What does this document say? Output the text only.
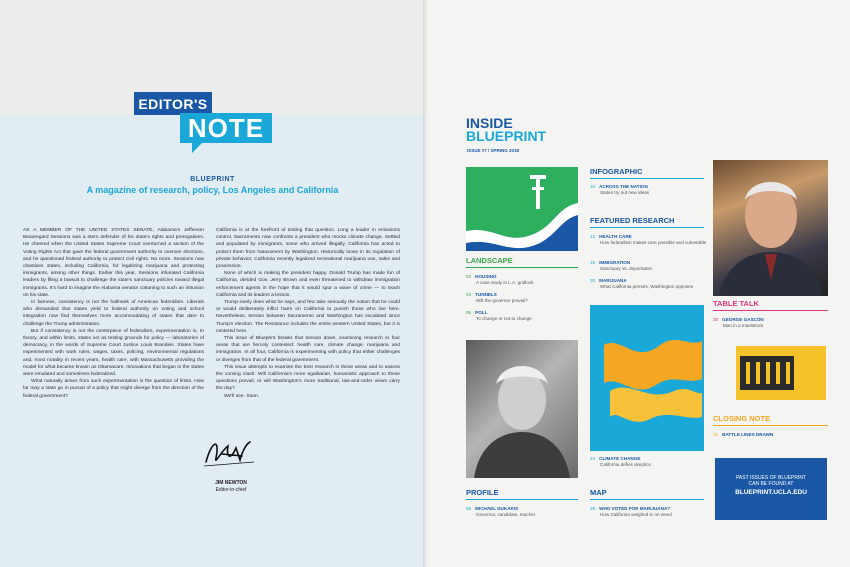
EDITOR'S
NOTE
BLUEPRINT
A magazine of research, policy, Los Angeles and California

AS A MEMBER OF THE UNITED STATES SENATE, Alabama's Jefferson Beauregard Sessions was a stern defender of his state's rights and prerogatives. He cheered when the United States Supreme Court overturned a section of the Voting Rights Act that gave the federal government authority to oversee elections, and he questioned federal authority to protect civil rights. No more. Sessions now chastises states, including California, for legalizing marijuana and protecting immigrants, among other things. Earlier this year, Sessions infuriated California leaders by filing a lawsuit to challenge the state's sanctuary policies toward illegal immigrants. It's hard to imagine the Alabama senator cottoning to such an intrusion on his state.

In fairness, consistency is not the hallmark of American federalism. Liberals who demanded that states yield to federal authority on voting and school integration now find themselves more accommodating of states that dare to challenge the Trump administration.

But if consistency is not the centerpiece of federalism, experimentation is. In theory, and within limits, states act as testing grounds for policy — laboratories of democracy, in the words of Supreme Court Justice Louis Brandeis. States have experimented with work rules, wages, taxes, policing, environmental regulations and, most notably in recent years, health care, with Massachusetts providing the model for what became known as Obamacare. Innovations that began in the states were emulated and sometimes federalized.

What naturally arises from such experimentation is the question of limits. How far may a state go in pursuit of a policy that might diverge from the direction of the federal government?

California is at the forefront of testing that question. Long a leader in emissions control, Sacramento now confronts a president who mocks climate change. Settled and populated by immigrants, some who arrived illegally, California has acted to protect them from harassment by Washington. Historically loose in its regulation of private behavior, California recently legalized recreational marijuana use, sales and possession.

None of which is making the president happy. Donald Trump has made fun of California, derided Gov. Jerry Brown and even threatened to withdraw immigration enforcement agents in the hope that it would spur a wave of crime — to teach California and its leaders a lesson.

Trump rarely does what he says, and few take seriously the notion that he could or would deliberately inflict harm on California to punish those who live here. Nevertheless, tension between Sacramento and Washington has escalated since Trump's election. The Resistance includes the entire western United States, but it is centered here.

This issue of Blueprint breaks that tension down, examining research in four areas that are fiercely contested: health care, climate change, marijuana and immigration. In all four, California is experimenting with policy that either challenges or diverges from that of the federal government.

This issue attempts to examine the best research in these areas and to assess the coming clash: Will California's more egalitarian, humanistic approach to these questions prevail, or will Washington's more traditional, law-and-order views carry the day?

We'll see. Soon.

JIM NEWTON
Editor-in-chief
INSIDE
BLUEPRINT
ISSUE #7 / SPRING 2018
LANDSCAPE
02 HOUSING
A case study in L.A. gridlock
04 TUNNELS
Will the governor prevail?
05 POLL
To change or not to change
PROFILE
06 MICHAEL DUKAKIS
Governor, candidate, teacher
INFOGRAPHIC
10 ACROSS THE NATION
States try out new ideas
FEATURED RESEARCH
12 HEALTH CARE
How federalism makes care possible and vulnerable
16 IMMIGRATION
Sanctuary vs. deportation
20 MARIJUANA
What California permits, Washington opposes
24 CLIMATE CHANGE
California defies skeptics
MAP
28 WHO VOTED FOR MARIJUANA?
How California weighed in on weed
TABLE TALK
30 GEORGE GASCÓN
Man in a maelstrom
CLOSING NOTE
32 BATTLE LINES DRAWN
PAST ISSUES OF BLUEPRINT
CAN BE FOUND AT
BLUEPRINT.UCLA.EDU
